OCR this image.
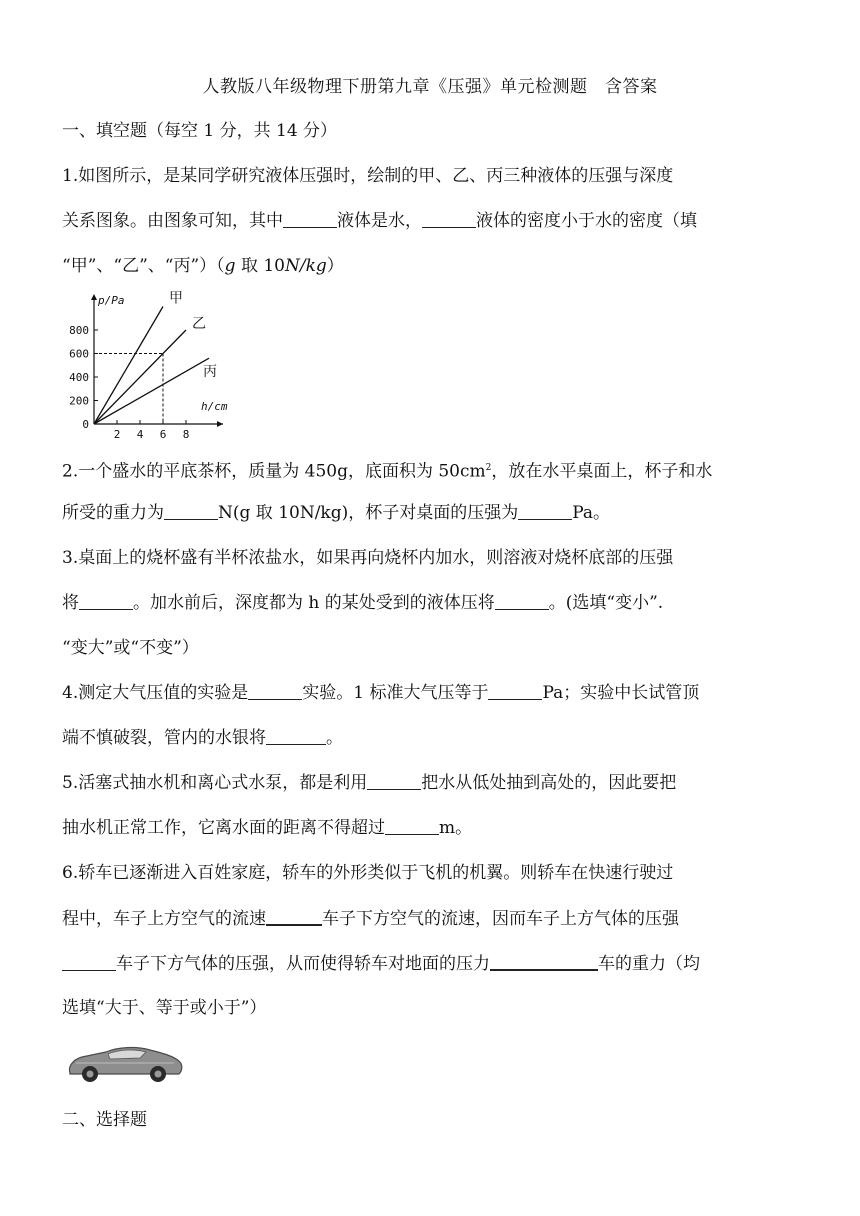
人教版八年级物理下册第九章《压强》单元检测题　含答案
一、填空题（每空 1 分，共 14 分）
1.如图所示，是某同学研究液体压强时，绘制的甲、乙、丙三种液体的压强与深度
关系图象。由图象可知，其中	液体是水，	液体的密度小于水的密度（填
“甲”、“乙”、“丙”）（g 取 10N/kg）
800
600
400
200
0
2 4 6 8
p/Pa
h/cm
甲
乙
丙
2.一个盛水的平底茶杯，质量为 450g，底面积为 $50cm^2$，放在水平桌面上，杯子和水
所受的重力为	N(g 取 10N/kg)，杯子对桌面的压强为	Pa。
3.桌面上的烧杯盛有半杯浓盐水，如果再向烧杯内加水，则溶液对烧杯底部的压强
将	。加水前后，深度都为 h 的某处受到的液体压将	。(选填“变小”.
“变大”或“不变”）
4.测定大气压值的实验是	实验。1 标准大气压等于	Pa；实验中长试管顶
端不慎破裂，管内的水银将	。
5.活塞式抽水机和离心式水泵，都是利用	把水从低处抽到高处的，因此要把
抽水机正常工作，它离水面的距离不得超过	m。
6.轿车已逐渐进入百姓家庭，轿车的外形类似于飞机的机翼。则轿车在快速行驶过
程中，车子上方空气的流速	车子下方空气的流速，因而车子上方气体的压强
车子下方气体的压强，从而使得轿车对地面的压力	车的重力（均
选填“大于、等于或小于”）
二、选择题
